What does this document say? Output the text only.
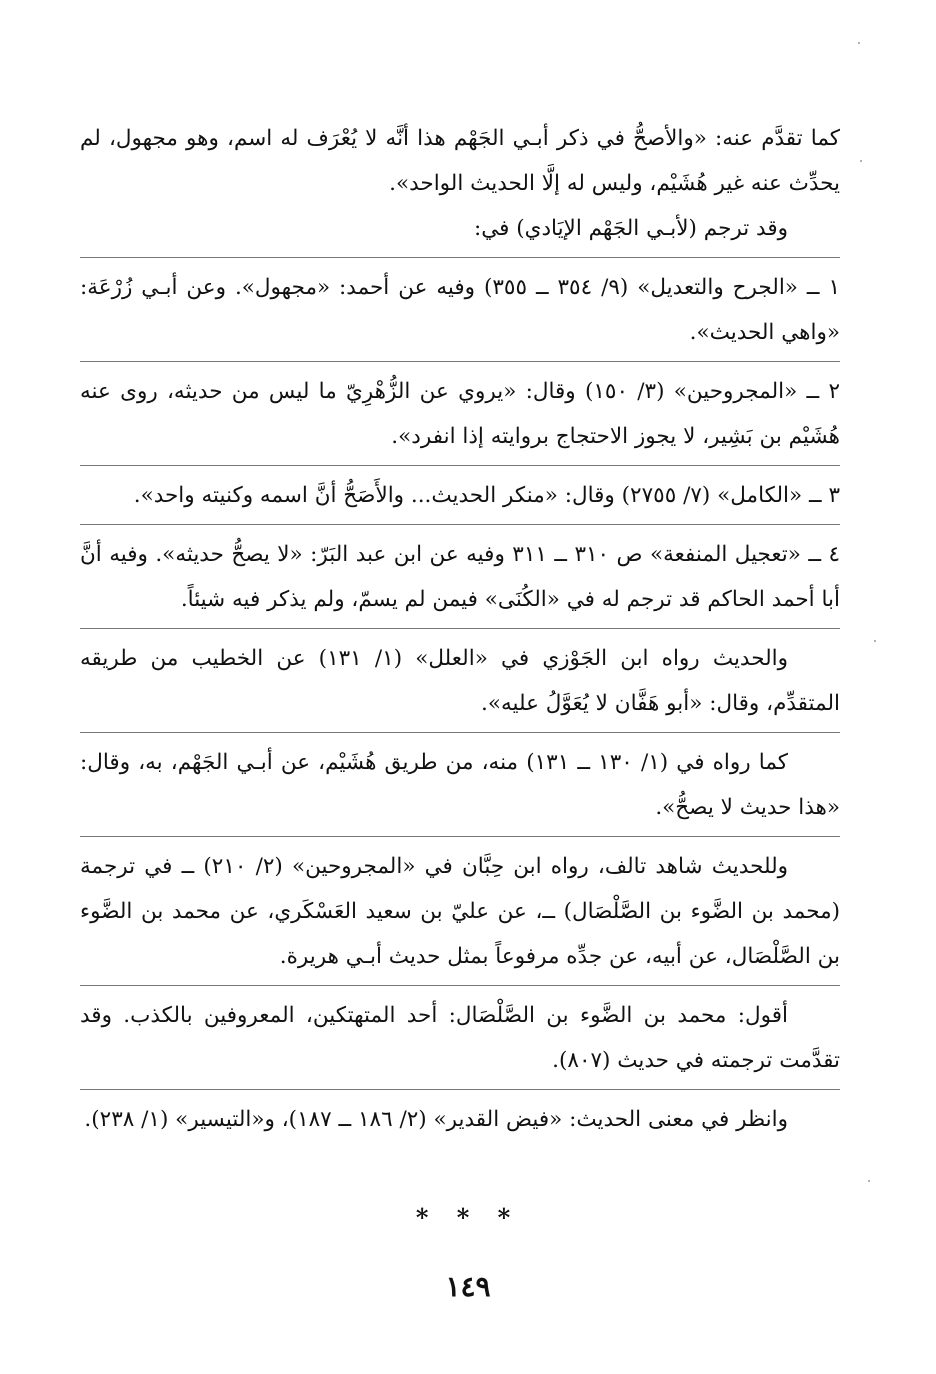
كما تقدَّم عنه: «والأصحُّ في ذكر أبـي الجَهْم هذا أنَّه لا يُعْرَف له اسم، وهو مجهول، لم يحدِّث عنه غير هُشَيْم، وليس له إلَّا الحديث الواحد».

وقد ترجم (لأبـي الجَهْم الإيَادي) في:

١ ــ «الجرح والتعديل» (٩/ ٣٥٤ ــ ٣٥٥) وفيه عن أحمد: «مجهول». وعن أبـي زُرْعَة: «واهي الحديث».

٢ ــ «المجروحين» (٣/ ١٥٠) وقال: «يروي عن الزُّهْرِيّ ما ليس من حديثه، روى عنه هُشَيْم بن بَشِير، لا يجوز الاحتجاج بروايته إذا انفرد».

٣ ــ «الكامل» (٧/ ٢٧٥٥) وقال: «منكر الحديث... والأَصَحُّ أنَّ اسمه وكنيته واحد».

٤ ــ «تعجيل المنفعة» ص ٣١٠ ــ ٣١١ وفيه عن ابن عبد البَرّ: «لا يصحُّ حديثه». وفيه أنَّ أبا أحمد الحاكم قد ترجم له في «الكُنَى» فيمن لم يسمّ، ولم يذكر فيه شيئاً.

والحديث رواه ابن الجَوْزي في «العلل» (١/ ١٣١) عن الخطيب من طريقه المتقدِّم، وقال: «أبو هَفَّان لا يُعَوَّلُ عليه».

كما رواه في (١/ ١٣٠ ــ ١٣١) منه، من طريق هُشَيْم، عن أبـي الجَهْم، به، وقال: «هذا حديث لا يصحُّ».

وللحديث شاهد تالف، رواه ابن حِبَّان في «المجروحين» (٢/ ٢١٠) ــ في ترجمة (محمد بن الضَّوء بن الصَّلْصَال) ــ، عن عليّ بن سعيد العَسْكَري، عن محمد بن الضَّوء بن الصَّلْصَال، عن أبيه، عن جدِّه مرفوعاً بمثل حديث أبـي هريرة.

أقول: محمد بن الضَّوء بن الصَّلْصَال: أحد المتهتكين، المعروفين بالكذب. وقد تقدَّمت ترجمته في حديث (٨٠٧).

وانظر في معنى الحديث: «فيض القدير» (٢/ ١٨٦ ــ ١٨٧)، و«التيسير» (١/ ٢٣٨).

* * *
١٤٩
